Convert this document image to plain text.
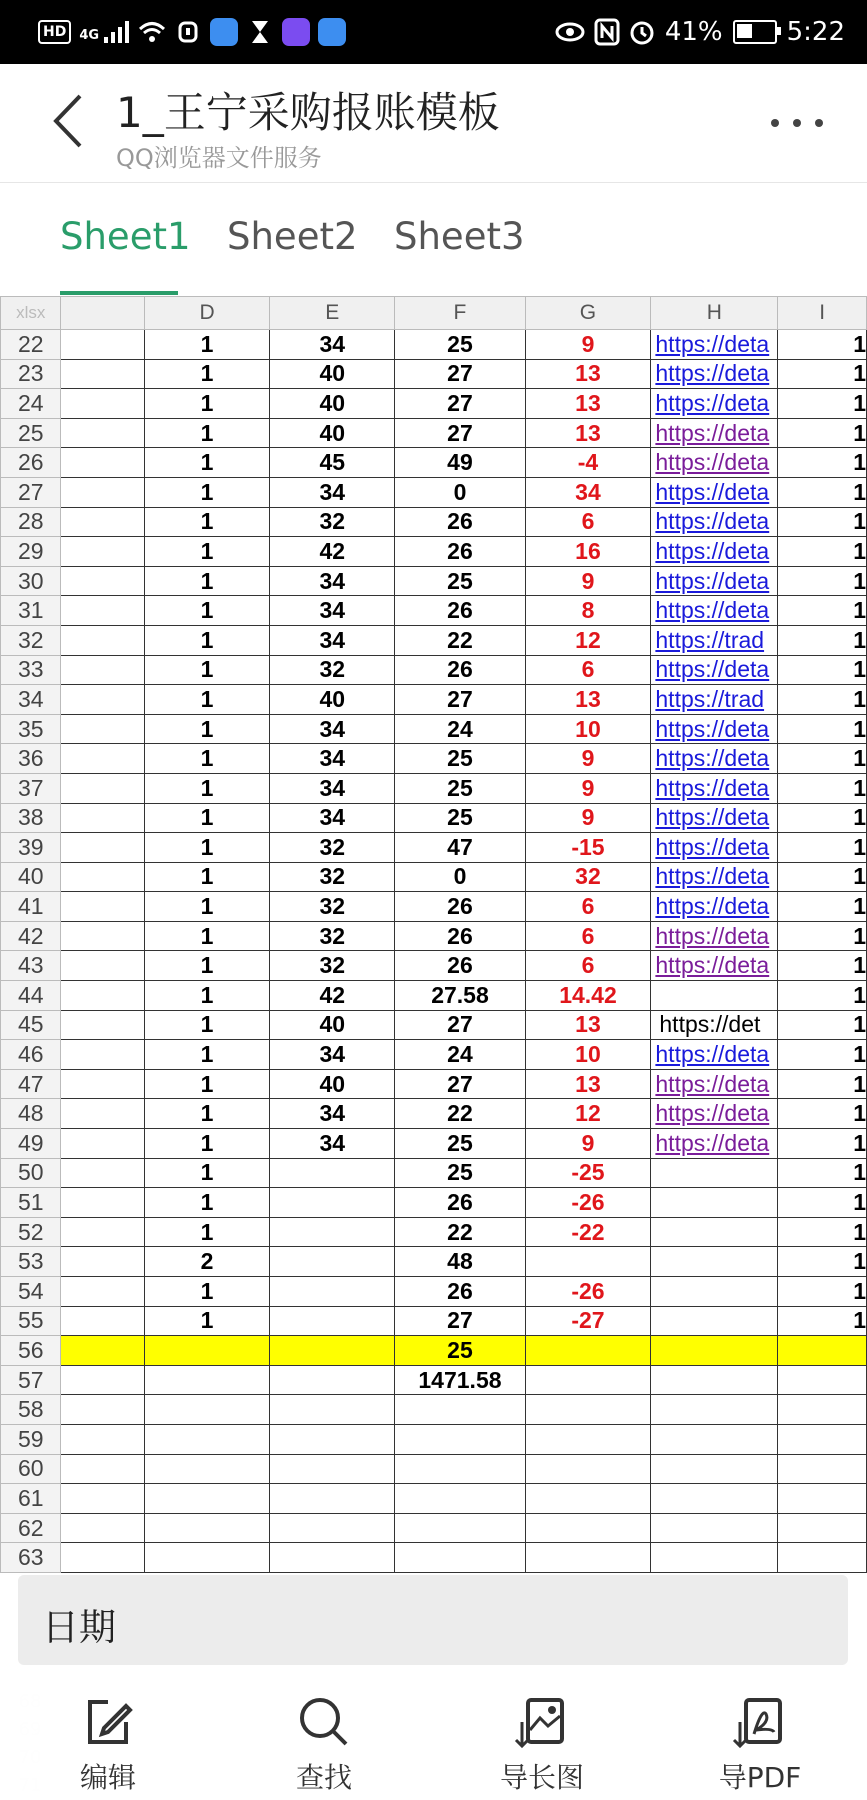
HD	4G	41% 5:22
1_王宁采购报账模板
QQ浏览器文件服务
Sheet1 Sheet2 Sheet3
xlsx		D	E	F	G	H	I
22		1	34	25	9	https://deta	1
23		1	40	27	13	https://deta	1
24		1	40	27	13	https://deta	1
25		1	40	27	13	https://deta	1
26		1	45	49	-4	https://deta	1
27		1	34	0	34	https://deta	1
28		1	32	26	6	https://deta	1
29		1	42	26	16	https://deta	1
30		1	34	25	9	https://deta	1
31		1	34	26	8	https://deta	1
32		1	34	22	12	https://trad	1
33		1	32	26	6	https://deta	1
34		1	40	27	13	https://trad	1
35		1	34	24	10	https://deta	1
36		1	34	25	9	https://deta	1
37		1	34	25	9	https://deta	1
38		1	34	25	9	https://deta	1
39		1	32	47	-15	https://deta	1
40		1	32	0	32	https://deta	1
41		1	32	26	6	https://deta	1
42		1	32	26	6	https://deta	1
43		1	32	26	6	https://deta	1
44		1	42	27.58	14.42		1
45		1	40	27	13	https://det	1
46		1	34	24	10	https://deta	1
47		1	40	27	13	https://deta	1
48		1	34	22	12	https://deta	1
49		1	34	25	9	https://deta	1
50		1		25	-25		1
51		1		26	-26		1
52		1		22	-22		1
53		2		48			1
54		1		26	-26		1
55		1		27	-27		1
56				25			
57				1471.58			
58							
59							
60							
61							
62							
63							
日期
编辑	查找	导长图	导PDF
